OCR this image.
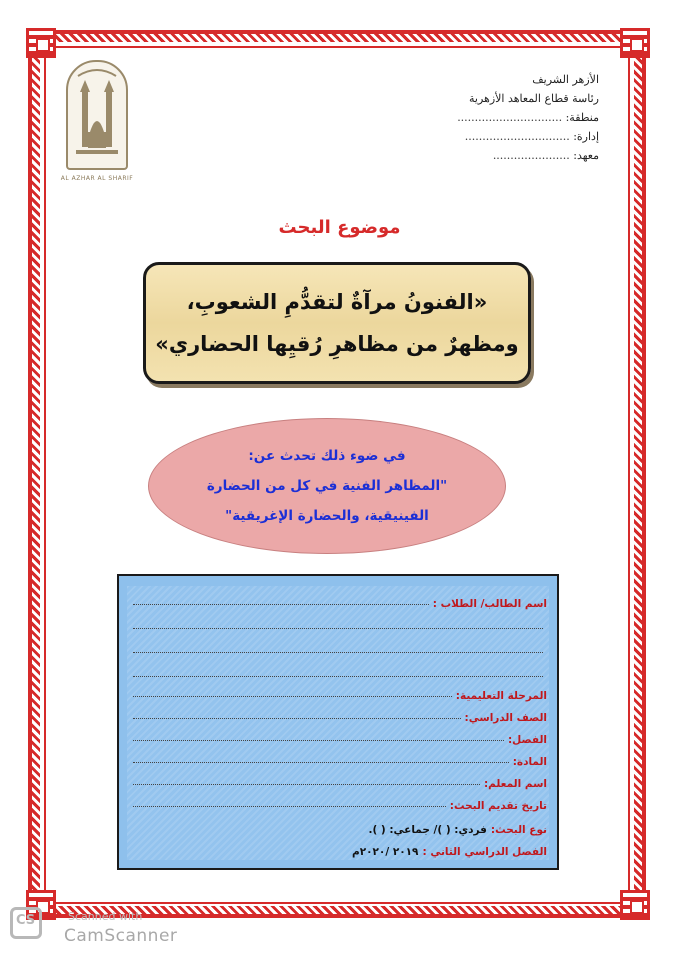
AL AZHAR AL SHARIF
الأزهر الشريف
رئاسة قطاع المعاهد الأزهرية
منطقة: ..............................
إدارة: ..............................
معهد: ......................
موضوع البحث
«الفنونُ مرآةٌ لتقدُّمِ الشعوبِ،
ومظهرٌ من مظاهرِ رُقيِها الحضاري»
في ضوء ذلك تحدث عن:
"المظاهر الفنية في كل من الحضارة
الفينيقية، والحضارة الإغريقية"
اسم الطالب/ الطلاب :
المرحلة التعليمية:
الصف الدراسي:
الفصل:
المادة:
اسم المعلم:
تاريخ تقديم البحث:
نوع البحث:
فردي: ( )/ جماعي: ( ).
الفصل الدراسي الثاني :
٢٠١٩ /٢٠٢٠م
CS
Scanned with
CamScanner
